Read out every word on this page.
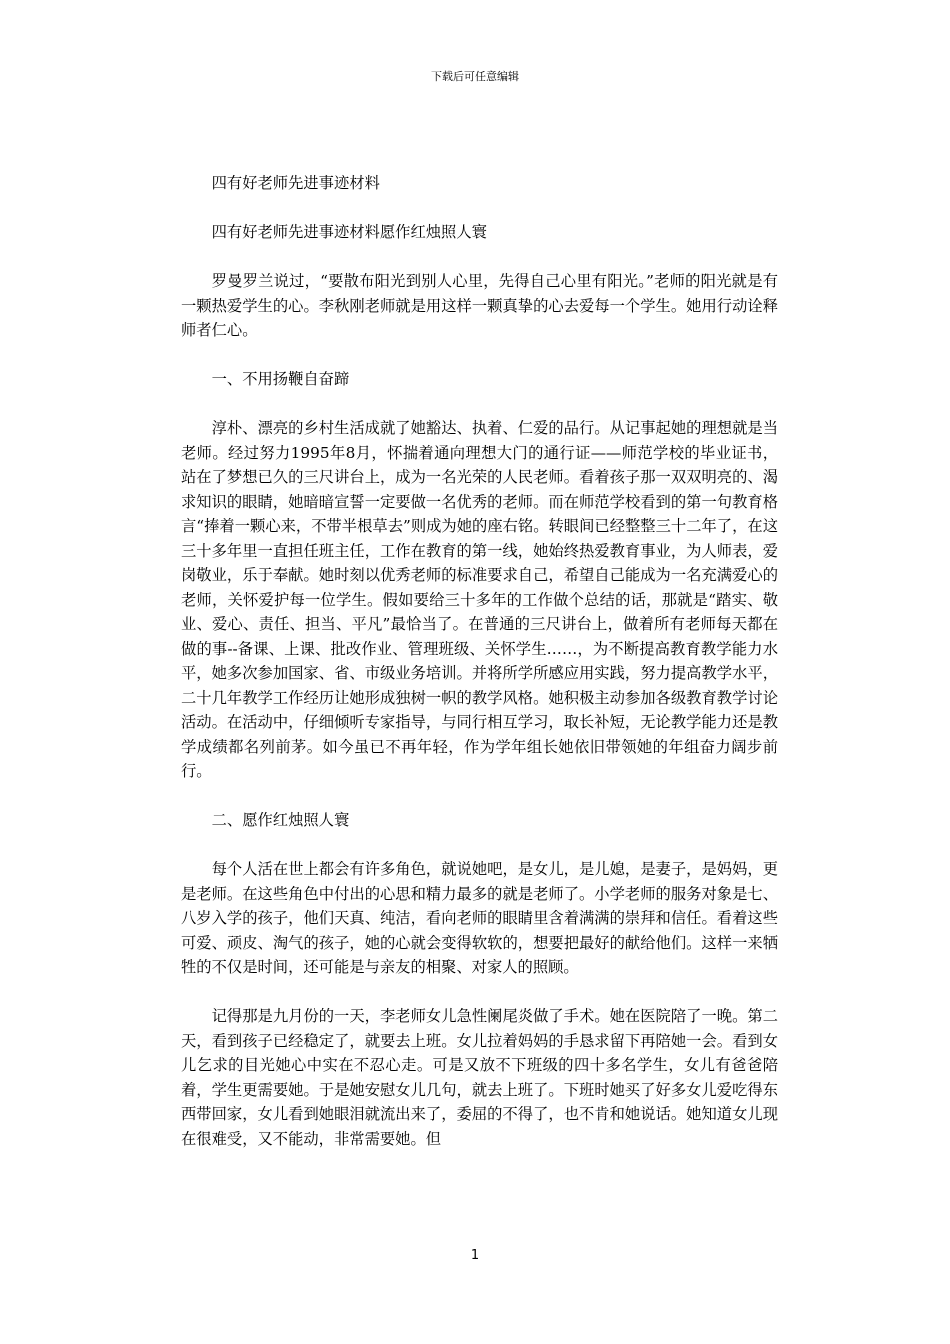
下载后可任意编辑

四有好老师先进事迹材料

四有好老师先进事迹材料愿作红烛照人寰

罗曼罗兰说过，“要散布阳光到别人心里，先得自己心里有阳光。”老师的阳光就是有一颗热爱学生的心。李秋刚老师就是用这样一颗真挚的心去爱每一个学生。她用行动诠释师者仁心。

一、不用扬鞭自奋蹄

淳朴、漂亮的乡村生活成就了她豁达、执着、仁爱的品行。从记事起她的理想就是当老师。经过努力1995年8月，怀揣着通向理想大门的通行证——师范学校的毕业证书，站在了梦想已久的三尺讲台上，成为一名光荣的人民老师。看着孩子那一双双明亮的、渴求知识的眼睛，她暗暗宣誓一定要做一名优秀的老师。而在师范学校看到的第一句教育格言“捧着一颗心来，不带半根草去”则成为她的座右铭。转眼间已经整整三十二年了，在这三十多年里一直担任班主任，工作在教育的第一线，她始终热爱教育事业，为人师表，爱岗敬业，乐于奉献。她时刻以优秀老师的标准要求自己，希望自己能成为一名充满爱心的老师，关怀爱护每一位学生。假如要给三十多年的工作做个总结的话，那就是“踏实、敬业、爱心、责任、担当、平凡”最恰当了。在普通的三尺讲台上，做着所有老师每天都在做的事--备课、上课、批改作业、管理班级、关怀学生……，为不断提高教育教学能力水平，她多次参加国家、省、市级业务培训。并将所学所感应用实践，努力提高教学水平，二十几年教学工作经历让她形成独树一帜的教学风格。她积极主动参加各级教育教学讨论活动。在活动中，仔细倾听专家指导，与同行相互学习，取长补短，无论教学能力还是教学成绩都名列前茅。如今虽已不再年轻，作为学年组长她依旧带领她的年组奋力阔步前行。

二、愿作红烛照人寰

每个人活在世上都会有许多角色，就说她吧，是女儿，是儿媳，是妻子，是妈妈，更是老师。在这些角色中付出的心思和精力最多的就是老师了。小学老师的服务对象是七、八岁入学的孩子，他们天真、纯洁，看向老师的眼睛里含着满满的崇拜和信任。看着这些可爱、顽皮、淘气的孩子，她的心就会变得软软的，想要把最好的献给他们。这样一来牺牲的不仅是时间，还可能是与亲友的相聚、对家人的照顾。

记得那是九月份的一天，李老师女儿急性阑尾炎做了手术。她在医院陪了一晚。第二天，看到孩子已经稳定了，就要去上班。女儿拉着妈妈的手恳求留下再陪她一会。看到女儿乞求的目光她心中实在不忍心走。可是又放不下班级的四十多名学生，女儿有爸爸陪着，学生更需要她。于是她安慰女儿几句，就去上班了。下班时她买了好多女儿爱吃得东西带回家，女儿看到她眼泪就流出来了，委屈的不得了，也不肯和她说话。她知道女儿现在很难受，又不能动，非常需要她。但

1
